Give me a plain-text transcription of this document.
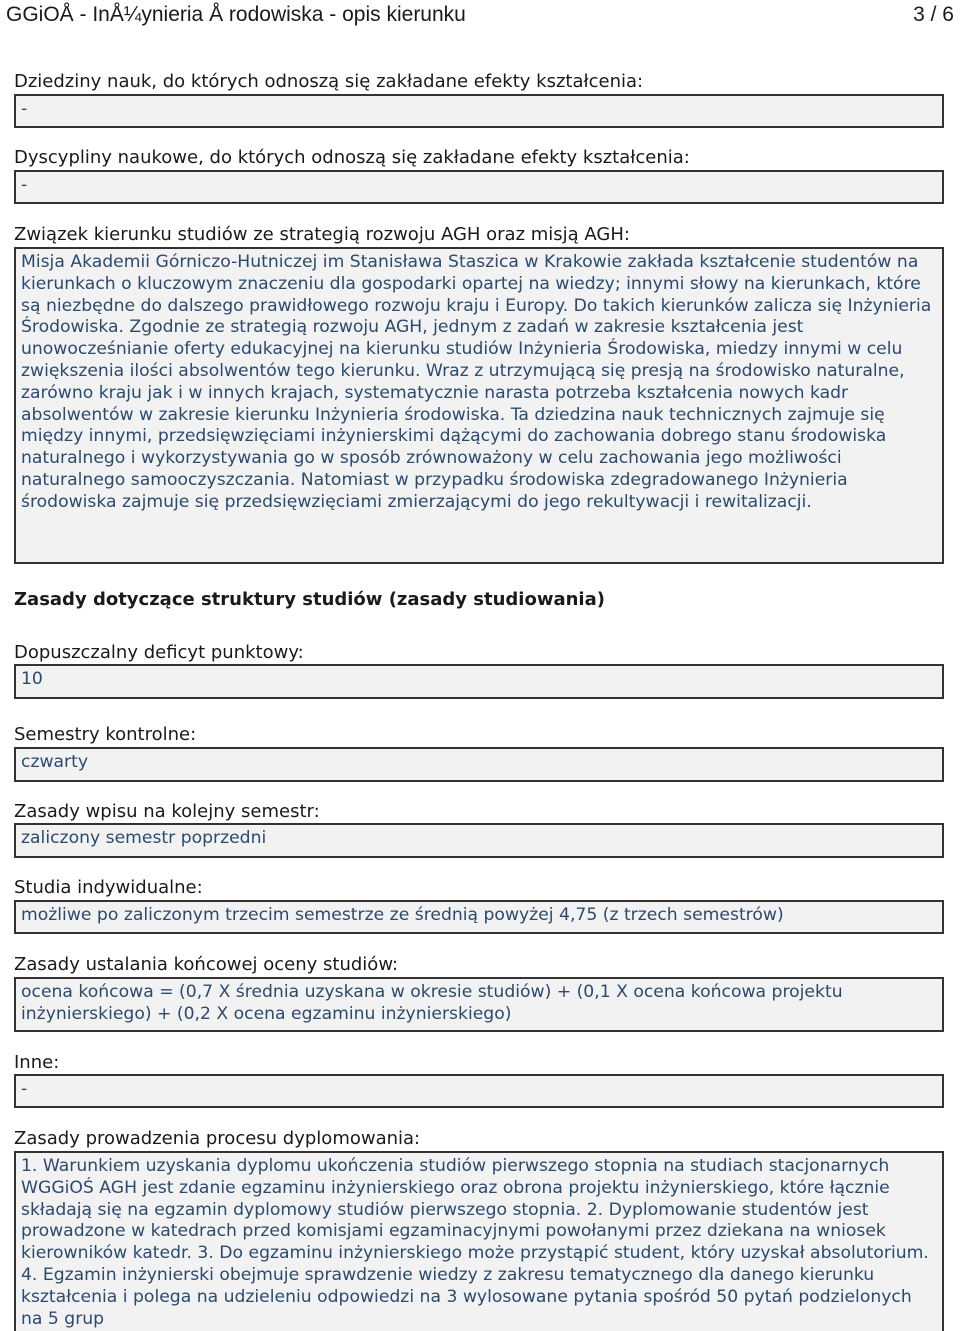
GGiOÅ - InÅ¼ynieria Å rodowiska - opis kierunku	3 / 6
Dziedziny nauk, do których odnoszą się zakładane efekty kształcenia:
-
Dyscypliny naukowe, do których odnoszą się zakładane efekty kształcenia:
-
Związek kierunku studiów ze strategią rozwoju AGH oraz misją AGH:
Misja Akademii Górniczo-Hutniczej im Stanisława Staszica w Krakowie zakłada kształcenie studentów na kierunkach o kluczowym znaczeniu dla gospodarki opartej na wiedzy; innymi słowy na kierunkach, które są niezbędne do dalszego prawidłowego rozwoju kraju i Europy. Do takich kierunków zalicza się Inżynieria Środowiska. Zgodnie ze strategią rozwoju AGH, jednym z zadań w zakresie kształcenia jest unowocześnianie oferty edukacyjnej na kierunku studiów Inżynieria Środowiska, miedzy innymi w celu zwiększenia ilości absolwentów tego kierunku. Wraz z utrzymującą się presją na środowisko naturalne, zarówno kraju jak i w innych krajach, systematycznie narasta potrzeba kształcenia nowych kadr absolwentów w zakresie kierunku Inżynieria środowiska. Ta dziedzina nauk technicznych zajmuje się między innymi, przedsięwzięciami inżynierskimi dążącymi do zachowania dobrego stanu środowiska naturalnego i wykorzystywania go w sposób zrównoważony w celu zachowania jego możliwości naturalnego samooczyszczania. Natomiast w przypadku środowiska zdegradowanego Inżynieria środowiska zajmuje się przedsięwzięciami zmierzającymi do jego rekultywacji i rewitalizacji.
Zasady dotyczące struktury studiów (zasady studiowania)
Dopuszczalny deficyt punktowy:
10
Semestry kontrolne:
czwarty
Zasady wpisu na kolejny semestr:
zaliczony semestr poprzedni
Studia indywidualne:
możliwe po zaliczonym trzecim semestrze ze średnią powyżej 4,75 (z trzech semestrów)
Zasady ustalania końcowej oceny studiów:
ocena końcowa = (0,7 X średnia uzyskana w okresie studiów) + (0,1 X ocena końcowa projektu inżynierskiego) + (0,2 X ocena egzaminu inżynierskiego)
Inne:
-
Zasady prowadzenia procesu dyplomowania:
1. Warunkiem uzyskania dyplomu ukończenia studiów pierwszego stopnia na studiach stacjonarnych WGGiOŚ AGH jest zdanie egzaminu inżynierskiego oraz obrona projektu inżynierskiego, które łącznie składają się na egzamin dyplomowy studiów pierwszego stopnia. 2. Dyplomowanie studentów jest prowadzone w katedrach przed komisjami egzaminacyjnymi powołanymi przez dziekana na wniosek kierowników katedr. 3. Do egzaminu inżynierskiego może przystąpić student, który uzyskał absolutorium. 4. Egzamin inżynierski obejmuje sprawdzenie wiedzy z zakresu tematycznego dla danego kierunku kształcenia i polega na udzieleniu odpowiedzi na 3 wylosowane pytania spośród 50 pytań podzielonych na 5 grup
